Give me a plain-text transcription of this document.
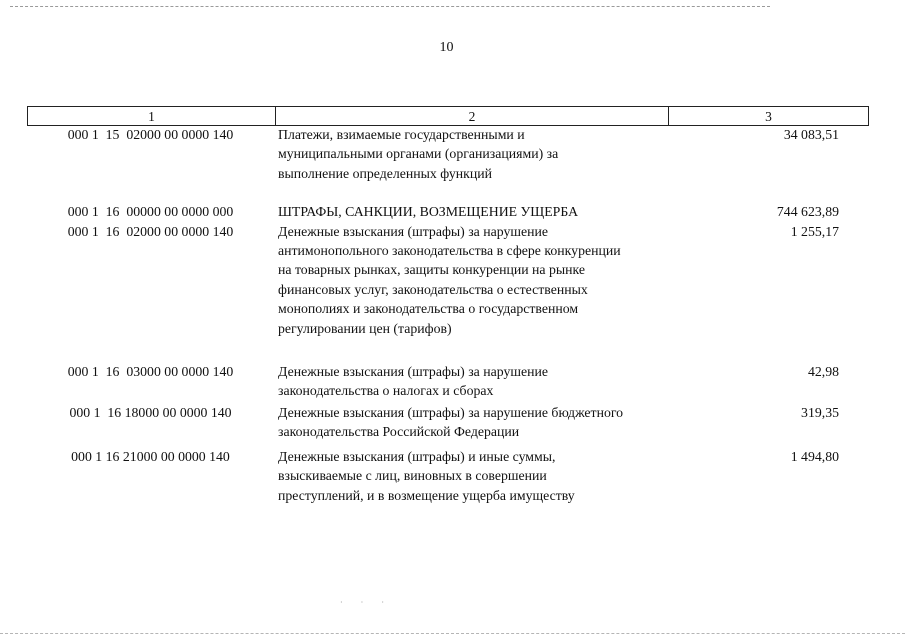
10
1	2	3
000 1  15  02000 00 0000 140	Платежи, взимаемые государственными и
муниципальными органами (организациями) за
выполнение определенных функций
34 083,51
000 1  16  00000 00 0000 000	ШТРАФЫ, САНКЦИИ, ВОЗМЕЩЕНИЕ УЩЕРБА	744 623,89
000 1  16  02000 00 0000 140	Денежные взыскания (штрафы) за нарушение
антимонопольного законодательства в сфере конкуренции
на товарных рынках, защиты конкуренции на рынке
финансовых услуг, законодательства о естественных
монополиях и законодательства о государственном
регулировании цен (тарифов)
1 255,17
000 1  16  03000 00 0000 140	Денежные взыскания (штрафы) за нарушение
законодательства о налогах и сборах
42,98
000 1  16 18000 00 0000 140	Денежные взыскания (штрафы) за нарушение бюджетного
законодательства Российской Федерации
319,35
000 1 16 21000 00 0000 140	Денежные взыскания (штрафы) и иные суммы,
взыскиваемые с лиц, виновных в совершении
преступлений, и в возмещение ущерба имуществу
1 494,80
· · ·
